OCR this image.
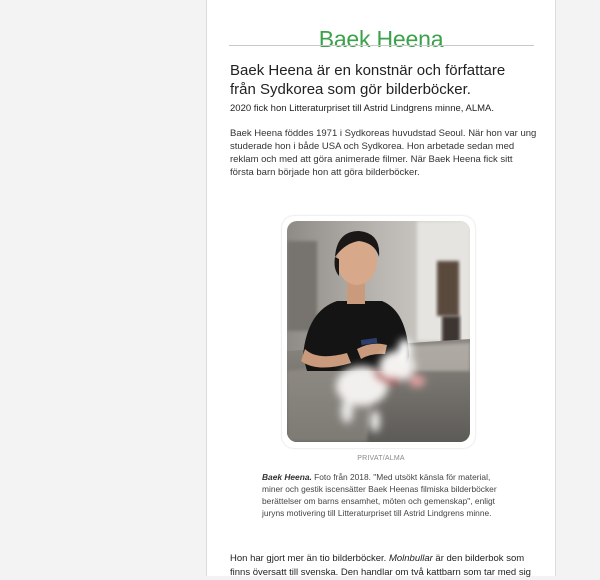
Baek Heena
Baek Heena är en konstnär och författare från Sydkorea som gör bilderböcker.
2020 fick hon Litteraturpriset till Astrid Lindgrens minne, ALMA.
Baek Heena föddes 1971 i Sydkoreas huvudstad Seoul. När hon var ung studerade hon i både USA och Sydkorea. Hon arbetade sedan med reklam och med att göra animerade filmer. När Baek Heena fick sitt första barn började hon att göra bilderböcker.
PRIVAT/ALMA
Baek Heena. Foto från 2018. "Med utsökt känsla för material, miner och gestik iscensätter Baek Heenas filmiska bilderböcker berättelser om barns ensamhet, möten och gemenskap", enligt juryns motivering till Litteraturpriset till Astrid Lindgrens minne.
Hon har gjort mer än tio bilderböcker. Molnbullar är den bilderbok som finns översatt till svenska. Den handlar om två kattbarn som tar med sig
